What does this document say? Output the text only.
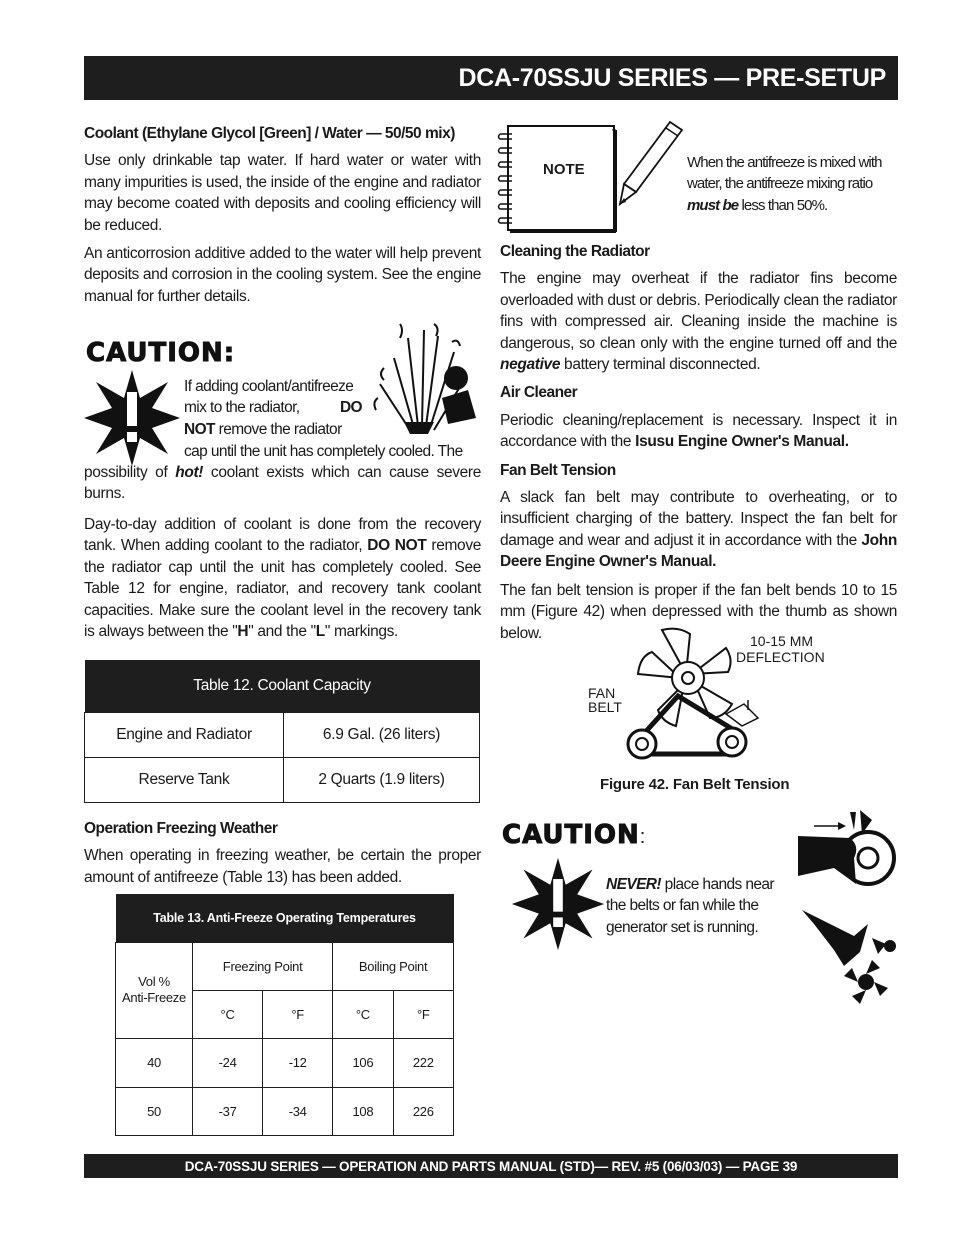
DCA-70SSJU SERIES — PRE-SETUP
Coolant (Ethylane Glycol [Green] / Water — 50/50 mix)

Use only drinkable tap water. If hard water or water with many impurities is used, the inside of the engine and radiator may become coated with deposits and cooling efficiency will be reduced.

An anticorrosion additive added to the water will help prevent deposits and corrosion in the cooling system. See the engine manual for further details.

CAUTION:
If adding coolant/antifreeze
mix to the radiator,	DO
NOT remove the radiator
cap until the unit has completely cooled. The
possibility of hot! coolant exists which can cause severe burns.
Day-to-day addition of coolant is done from the recovery tank. When adding coolant to the radiator, DO NOT remove the radiator cap until the unit has completely cooled. See Table 12 for engine, radiator, and recovery tank coolant capacities. Make sure the coolant level in the recovery tank is always between the "H" and the "L" markings.
Table 12. Coolant Capacity	
Engine and Radiator	6.9 Gal. (26 liters)
Reserve Tank	2 Quarts (1.9 liters)
Operation Freezing Weather

When operating in freezing weather, be certain the proper amount of antifreeze (Table 13) has been added.

Table 13. Anti-Freeze Operating Temperatures				
Vol %
Anti-Freeze	Freezing Point		Boiling Point	
	°C	°F	°C	°F
40	-24	-12	106	222
50	-37	-34	108	226
NOTE	When the antifreeze is mixed with water, the antifreeze mixing ratio must be less than 50%.
Cleaning the Radiator

The engine may overheat if the radiator fins become overloaded with dust or debris. Periodically clean the radiator fins with compressed air. Cleaning inside the machine is dangerous, so clean only with the engine turned off and the negative battery terminal disconnected.

Air Cleaner

Periodic cleaning/replacement is necessary. Inspect it in accordance with the Isusu Engine Owner's Manual.

Fan Belt Tension

A slack fan belt may contribute to overheating, or to insufficient charging of the battery. Inspect the fan belt for damage and wear and adjust it in accordance with the John Deere Engine Owner's Manual.

The fan belt tension is proper if the fan belt bends 10 to 15 mm (Figure 42) when depressed with the thumb as shown below.	10-15 MM
DEFLECTION
FAN
BELT
Figure 42. Fan Belt Tension
CAUTION:
NEVER! place hands near the belts or fan while the generator set is running.
DCA-70SSJU SERIES — OPERATION AND PARTS MANUAL (STD)— REV. #5 (06/03/03) — PAGE 39
